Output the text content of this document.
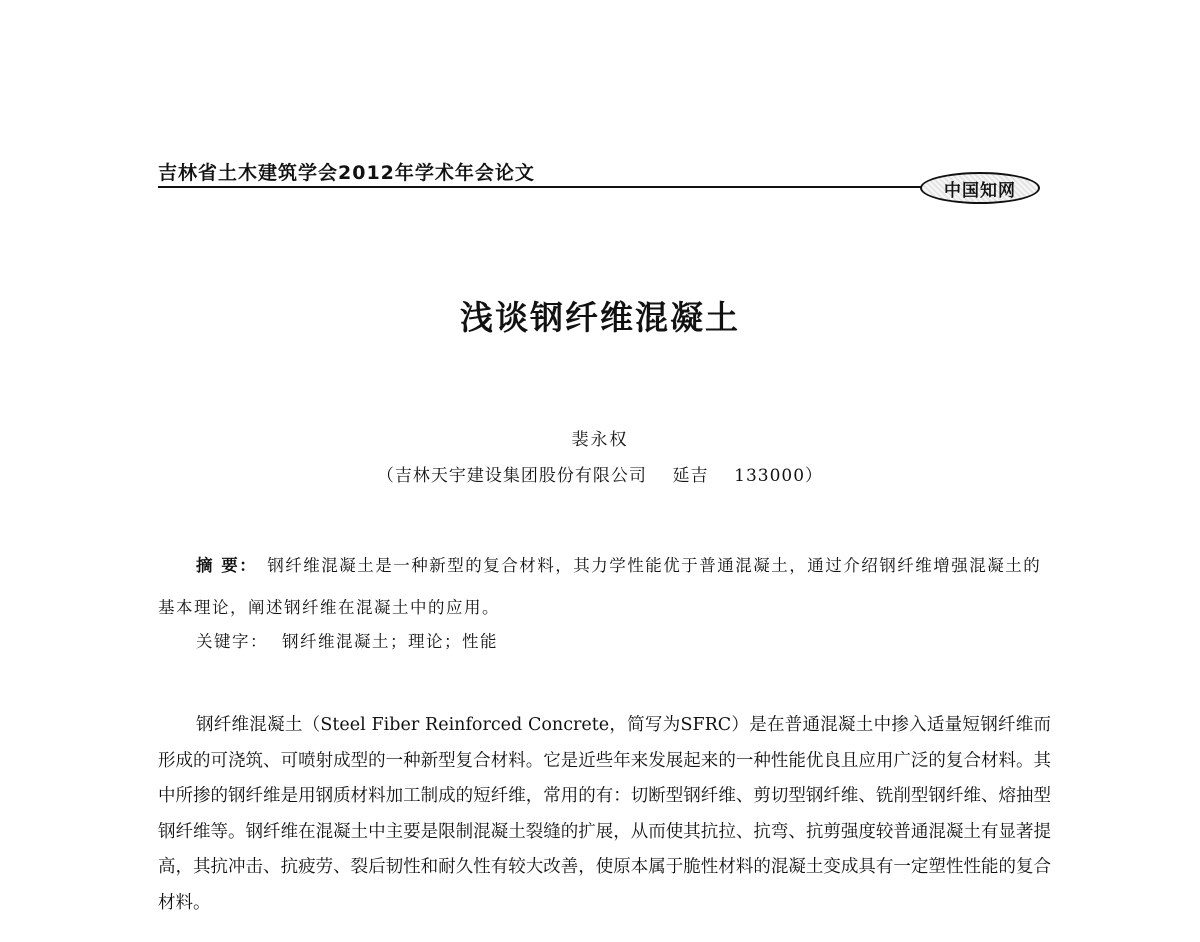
吉林省土木建筑学会2012年学术年会论文
中国知网
浅谈钢纤维混凝土
裴永权
（吉林天宇建设集团股份有限公司    延吉    133000）

摘 要： 钢纤维混凝土是一种新型的复合材料，其力学性能优于普通混凝土，通过介绍钢纤维增强混凝土的基本理论，阐述钢纤维在混凝土中的应用。

关键字： 钢纤维混凝土；理论；性能

钢纤维混凝土（Steel Fiber Reinforced Concrete，简写为SFRC）是在普通混凝土中掺入适量短钢纤维而形成的可浇筑、可喷射成型的一种新型复合材料。它是近些年来发展起来的一种性能优良且应用广泛的复合材料。其中所掺的钢纤维是用钢质材料加工制成的短纤维，常用的有：切断型钢纤维、剪切型钢纤维、铣削型钢纤维、熔抽型钢纤维等。钢纤维在混凝土中主要是限制混凝土裂缝的扩展，从而使其抗拉、抗弯、抗剪强度较普通混凝土有显著提高，其抗冲击、抗疲劳、裂后韧性和耐久性有较大改善，使原本属于脆性材料的混凝土变成具有一定塑性性能的复合材料。
